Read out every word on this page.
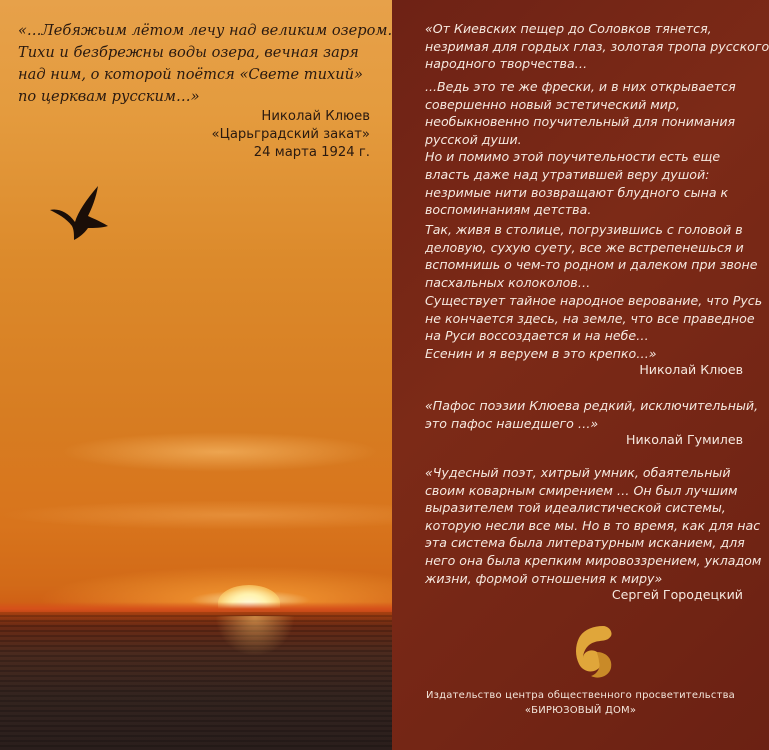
«…Лебяжьим лётом лечу над великим озером.
Тихи и безбрежны воды озера, вечная заря
над ним, о которой поётся «Свете тихий»
по церквам русским…»
Николай Клюев
«Царьградский закат»
24 марта 1924 г.
«От Киевских пещер до Соловков тянется,
незримая для гордых глаз, золотая тропа русского
народного творчества…
...Ведь это те же фрески, и в них открывается
совершенно новый эстетический мир,
необыкновенно поучительный для понимания
русской души.
Но и помимо этой поучительности есть еще
власть даже над утратившей веру душой:
незримые нити возвращают блудного сына к
воспоминаниям детства.
Так, живя в столице, погрузившись с головой в
деловую, сухую суету, все же встрепенешься и
вспомнишь о чем-то родном и далеком при звоне
пасхальных колоколов…
Существует тайное народное верование, что Русь
не кончается здесь, на земле, что все праведное
на Руси воссоздается и на небе…
Есенин и я веруем в это крепко…»
Николай Клюев
«Пафос поэзии Клюева редкий, исключительный,
это пафос нашедшего …»
Николай Гумилев
«Чудесный поэт, хитрый умник, обаятельный
своим коварным смирением … Он был лучшим
выразителем той идеалистической системы,
которую несли все мы. Но в то время, как для нас
эта система была литературным исканием, для
него она была крепким мировоззрением, укладом
жизни, формой отношения к миру»
Сергей Городецкий
Издательство центра общественного просветительства
«БИРЮЗОВЫЙ ДОМ»
